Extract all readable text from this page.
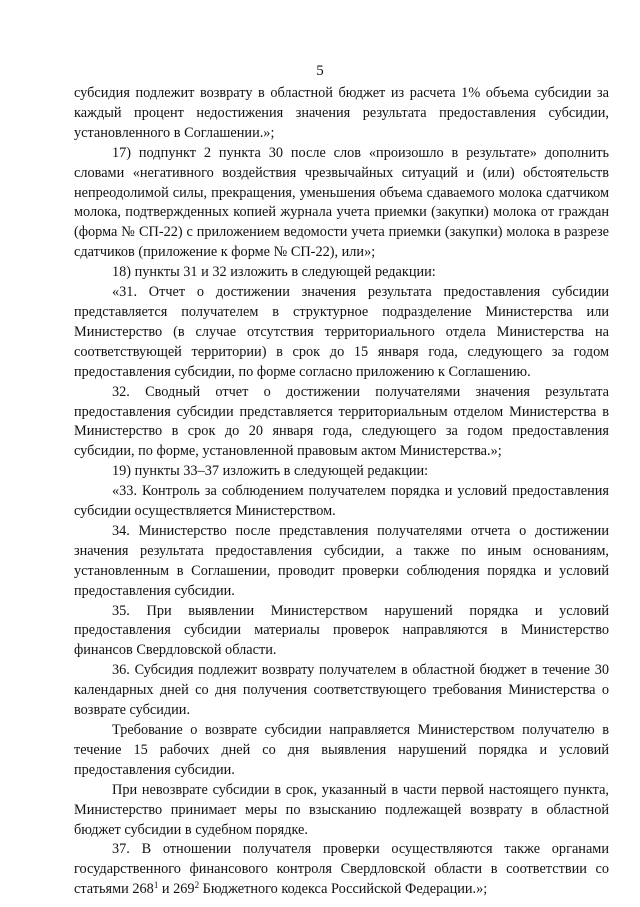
5

субсидия подлежит возврату в областной бюджет из расчета 1% объема субсидии за каждый процент недостижения значения результата предоставления субсидии, установленного в Соглашении.»;

17) подпункт 2 пункта 30 после слов «произошло в результате» дополнить словами «негативного воздействия чрезвычайных ситуаций и (или) обстоятельств непреодолимой силы, прекращения, уменьшения объема сдаваемого молока сдатчиком молока, подтвержденных копией журнала учета приемки (закупки) молока от граждан (форма № СП-22) с приложением ведомости учета приемки (закупки) молока в разрезе сдатчиков (приложение к форме № СП-22), или»;

18) пункты 31 и 32 изложить в следующей редакции:

«31. Отчет о достижении значения результата предоставления субсидии представляется получателем в структурное подразделение Министерства или Министерство (в случае отсутствия территориального отдела Министерства на соответствующей территории) в срок до 15 января года, следующего за годом предоставления субсидии, по форме согласно приложению к Соглашению.

32. Сводный отчет о достижении получателями значения результата предоставления субсидии представляется территориальным отделом Министерства в Министерство в срок до 20 января года, следующего за годом предоставления субсидии, по форме, установленной правовым актом Министерства.»;

19) пункты 33–37 изложить в следующей редакции:

«33. Контроль за соблюдением получателем порядка и условий предоставления субсидии осуществляется Министерством.

34. Министерство после представления получателями отчета о достижении значения результата предоставления субсидии, а также по иным основаниям, установленным в Соглашении, проводит проверки соблюдения порядка и условий предоставления субсидии.

35. При выявлении Министерством нарушений порядка и условий предоставления субсидии материалы проверок направляются в Министерство финансов Свердловской области.

36. Субсидия подлежит возврату получателем в областной бюджет в течение 30 календарных дней со дня получения соответствующего требования Министерства о возврате субсидии.

Требование о возврате субсидии направляется Министерством получателю в течение 15 рабочих дней со дня выявления нарушений порядка и условий предоставления субсидии.

При невозврате субсидии в срок, указанный в части первой настоящего пункта, Министерство принимает меры по взысканию подлежащей возврату в областной бюджет субсидии в судебном порядке.

37. В отношении получателя проверки осуществляются также органами государственного финансового контроля Свердловской области в соответствии со статьями $268^1$ и $269^2$ Бюджетного кодекса Российской Федерации.»;
